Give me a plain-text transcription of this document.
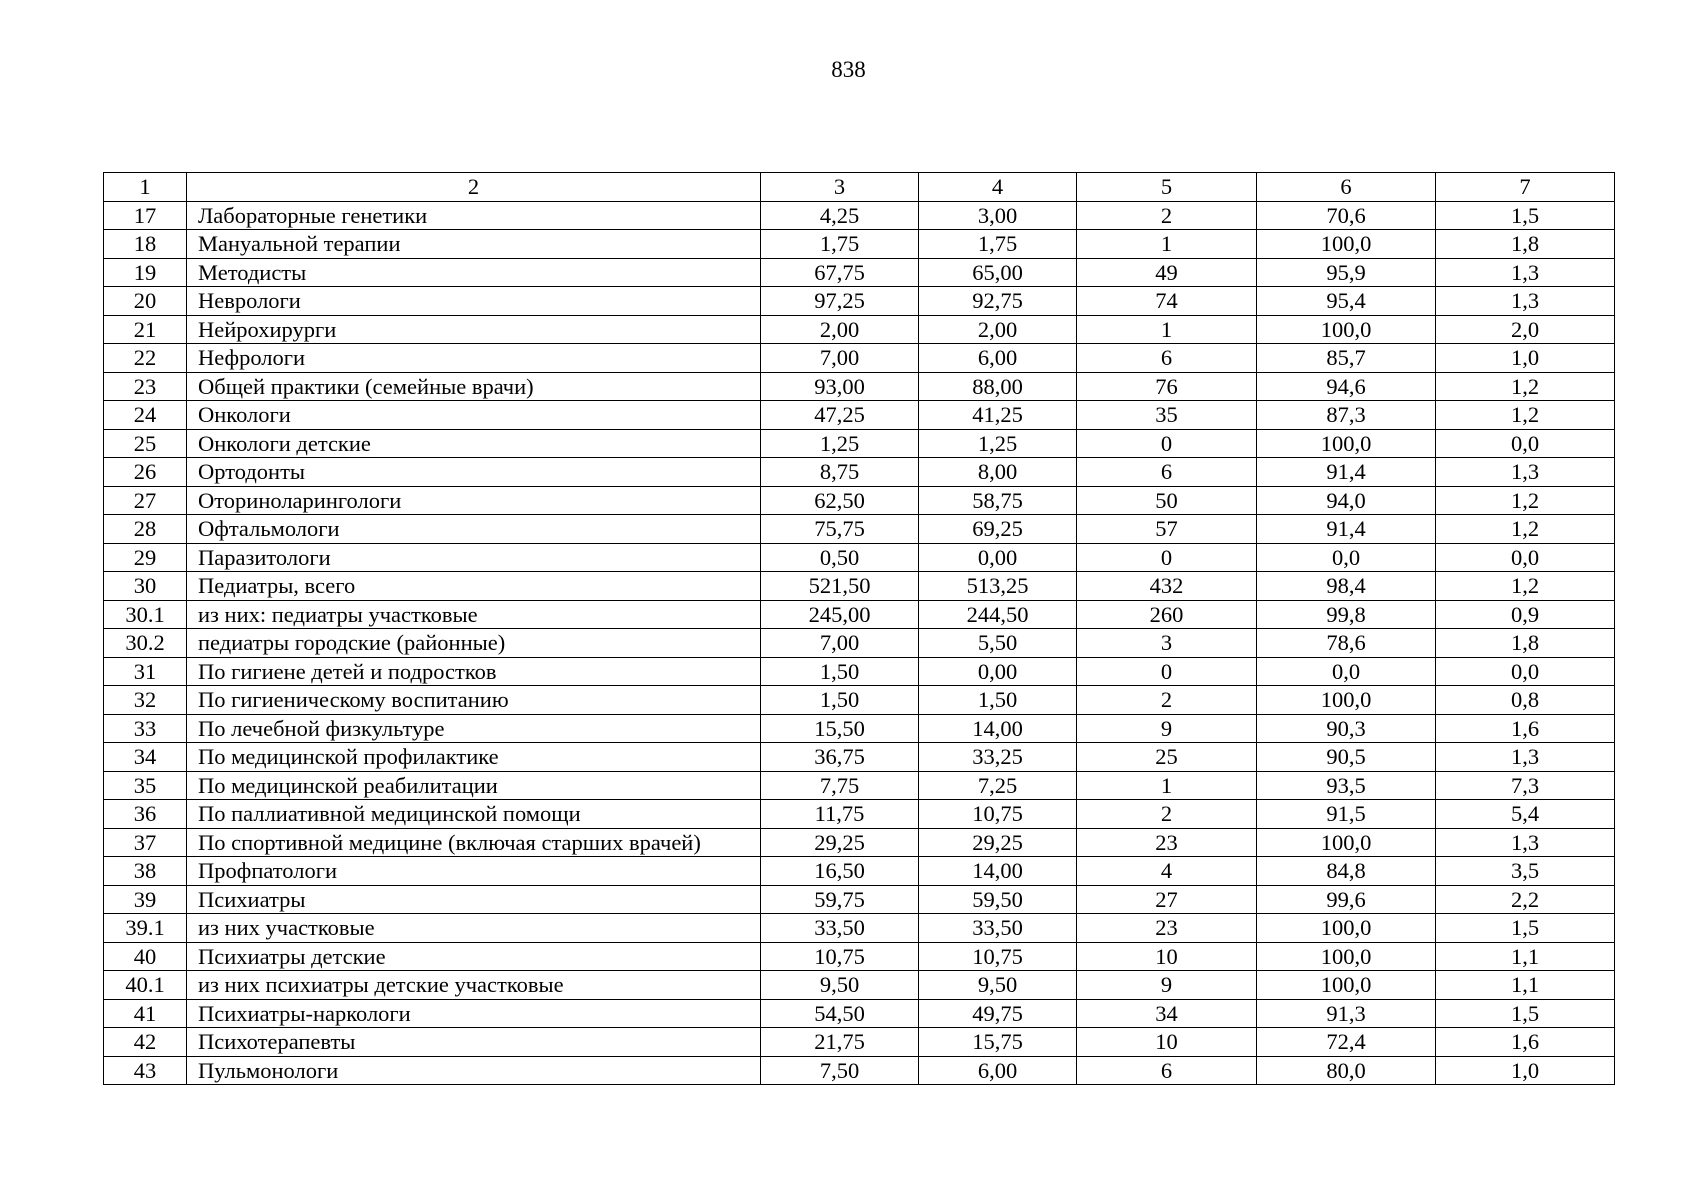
838
1	2	3	4	5	6	7
17	Лабораторные генетики	4,25	3,00	2	70,6	1,5
18	Мануальной терапии	1,75	1,75	1	100,0	1,8
19	Методисты	67,75	65,00	49	95,9	1,3
20	Неврологи	97,25	92,75	74	95,4	1,3
21	Нейрохирурги	2,00	2,00	1	100,0	2,0
22	Нефрологи	7,00	6,00	6	85,7	1,0
23	Общей практики (семейные врачи)	93,00	88,00	76	94,6	1,2
24	Онкологи	47,25	41,25	35	87,3	1,2
25	Онкологи детские	1,25	1,25	0	100,0	0,0
26	Ортодонты	8,75	8,00	6	91,4	1,3
27	Оториноларингологи	62,50	58,75	50	94,0	1,2
28	Офтальмологи	75,75	69,25	57	91,4	1,2
29	Паразитологи	0,50	0,00	0	0,0	0,0
30	Педиатры, всего	521,50	513,25	432	98,4	1,2
30.1	из них: педиатры участковые	245,00	244,50	260	99,8	0,9
30.2	педиатры городские (районные)	7,00	5,50	3	78,6	1,8
31	По гигиене детей и подростков	1,50	0,00	0	0,0	0,0
32	По гигиеническому воспитанию	1,50	1,50	2	100,0	0,8
33	По лечебной физкультуре	15,50	14,00	9	90,3	1,6
34	По медицинской профилактике	36,75	33,25	25	90,5	1,3
35	По медицинской реабилитации	7,75	7,25	1	93,5	7,3
36	По паллиативной медицинской помощи	11,75	10,75	2	91,5	5,4
37	По спортивной медицине (включая старших врачей)	29,25	29,25	23	100,0	1,3
38	Профпатологи	16,50	14,00	4	84,8	3,5
39	Психиатры	59,75	59,50	27	99,6	2,2
39.1	из них участковые	33,50	33,50	23	100,0	1,5
40	Психиатры детские	10,75	10,75	10	100,0	1,1
40.1	из них психиатры детские участковые	9,50	9,50	9	100,0	1,1
41	Психиатры-наркологи	54,50	49,75	34	91,3	1,5
42	Психотерапевты	21,75	15,75	10	72,4	1,6
43	Пульмонологи	7,50	6,00	6	80,0	1,0
